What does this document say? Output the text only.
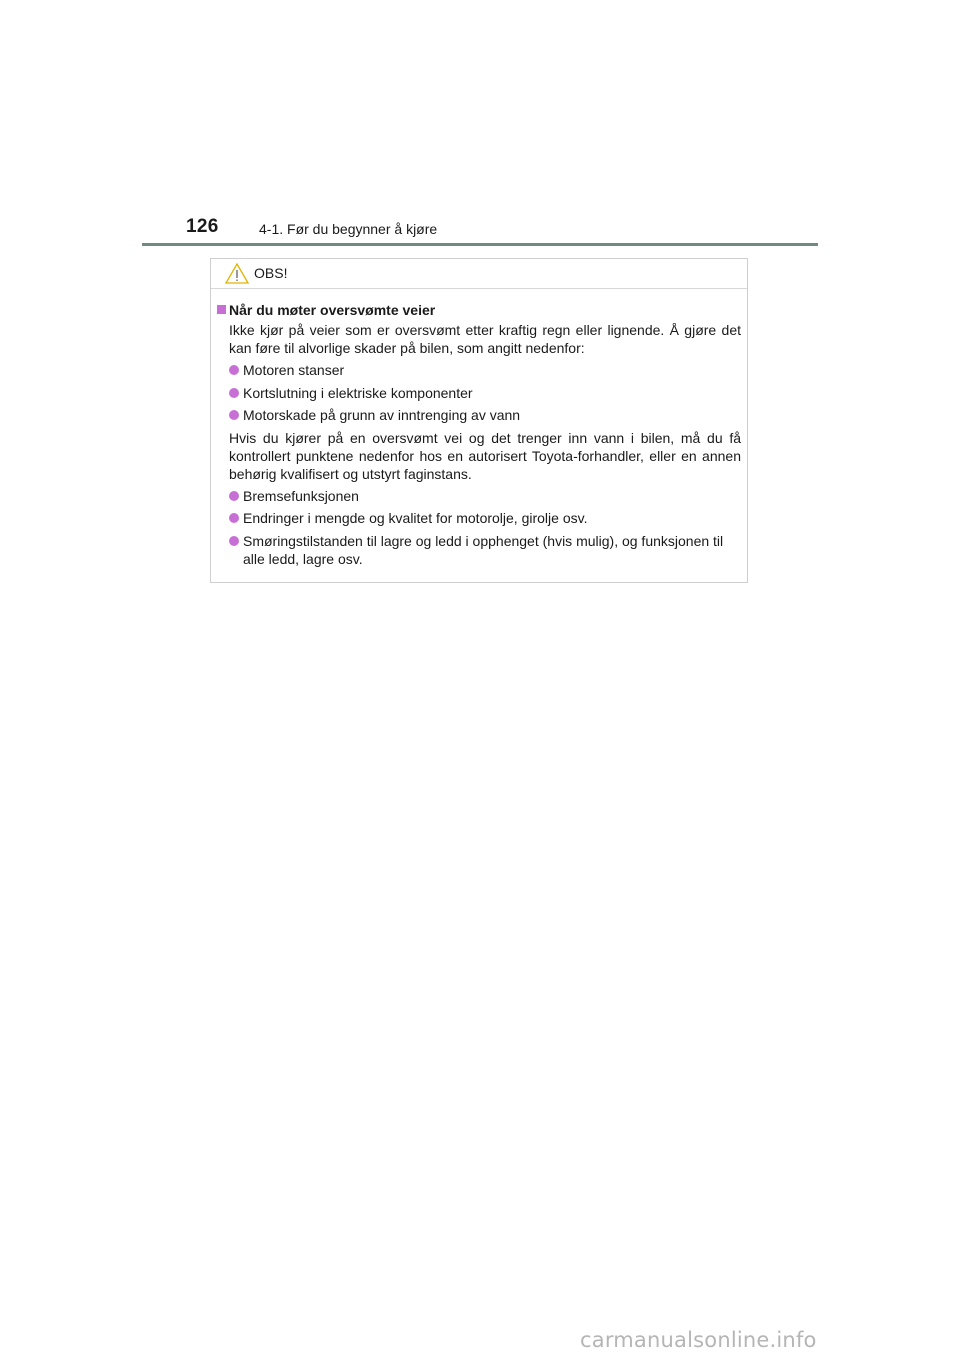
126	4-1. Før du begynner å kjøre
OBS!
Når du møter oversvømte veier

Ikke kjør på veier som er oversvømt etter kraftig regn eller lignende. Å gjøre det kan føre til alvorlige skader på bilen, som angitt nedenfor:

Motoren stanser
Kortslutning i elektriske komponenter
Motorskade på grunn av inntrenging av vann

Hvis du kjører på en oversvømt vei og det trenger inn vann i bilen, må du få kontrollert punktene nedenfor hos en autorisert Toyota-forhandler, eller en annen behørig kvalifisert og utstyrt faginstans.

Bremsefunksjonen
Endringer i mengde og kvalitet for motorolje, girolje osv.
Smøringstilstanden til lagre og ledd i opphenget (hvis mulig), og funksjonen til alle ledd, lagre osv.
carmanualsonline.info
